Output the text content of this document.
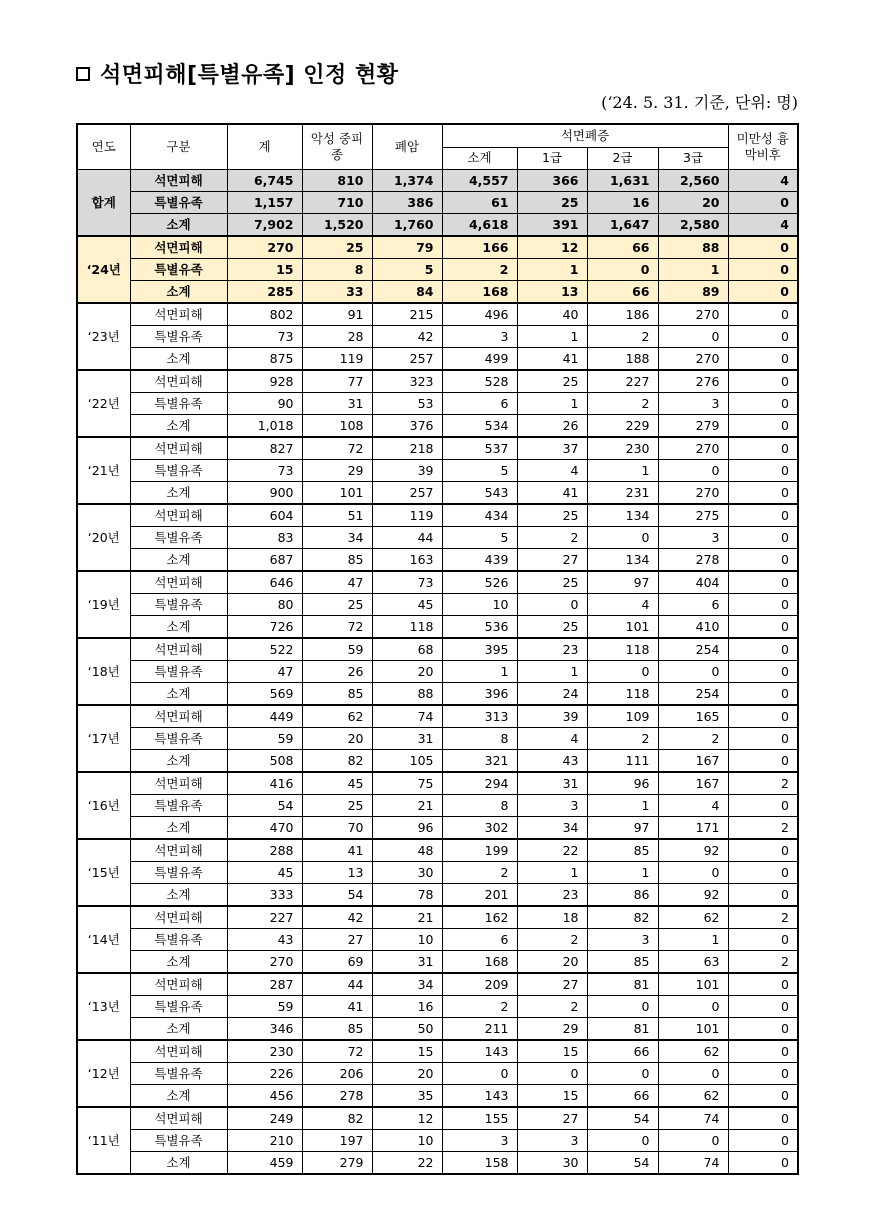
석면피해[특별유족] 인정 현황
(‘24. 5. 31. 기준, 단위: 명)
연도	구분	계	악성 중피종	폐암	석면폐증				미만성 흉막비후
					소계	1급	2급	3급	
합계	석면피해	6,745	810	1,374	4,557	366	1,631	2,560	4
	특별유족	1,157	710	386	61	25	16	20	0
	소계	7,902	1,520	1,760	4,618	391	1,647	2,580	4
‘24년	석면피해	270	25	79	166	12	66	88	0
	특별유족	15	8	5	2	1	0	1	0
	소계	285	33	84	168	13	66	89	0
‘23년	석면피해	802	91	215	496	40	186	270	0
	특별유족	73	28	42	3	1	2	0	0
	소계	875	119	257	499	41	188	270	0
‘22년	석면피해	928	77	323	528	25	227	276	0
	특별유족	90	31	53	6	1	2	3	0
	소계	1,018	108	376	534	26	229	279	0
‘21년	석면피해	827	72	218	537	37	230	270	0
	특별유족	73	29	39	5	4	1	0	0
	소계	900	101	257	543	41	231	270	0
‘20년	석면피해	604	51	119	434	25	134	275	0
	특별유족	83	34	44	5	2	0	3	0
	소계	687	85	163	439	27	134	278	0
‘19년	석면피해	646	47	73	526	25	97	404	0
	특별유족	80	25	45	10	0	4	6	0
	소계	726	72	118	536	25	101	410	0
‘18년	석면피해	522	59	68	395	23	118	254	0
	특별유족	47	26	20	1	1	0	0	0
	소계	569	85	88	396	24	118	254	0
‘17년	석면피해	449	62	74	313	39	109	165	0
	특별유족	59	20	31	8	4	2	2	0
	소계	508	82	105	321	43	111	167	0
‘16년	석면피해	416	45	75	294	31	96	167	2
	특별유족	54	25	21	8	3	1	4	0
	소계	470	70	96	302	34	97	171	2
‘15년	석면피해	288	41	48	199	22	85	92	0
	특별유족	45	13	30	2	1	1	0	0
	소계	333	54	78	201	23	86	92	0
‘14년	석면피해	227	42	21	162	18	82	62	2
	특별유족	43	27	10	6	2	3	1	0
	소계	270	69	31	168	20	85	63	2
‘13년	석면피해	287	44	34	209	27	81	101	0
	특별유족	59	41	16	2	2	0	0	0
	소계	346	85	50	211	29	81	101	0
‘12년	석면피해	230	72	15	143	15	66	62	0
	특별유족	226	206	20	0	0	0	0	0
	소계	456	278	35	143	15	66	62	0
‘11년	석면피해	249	82	12	155	27	54	74	0
	특별유족	210	197	10	3	3	0	0	0
	소계	459	279	22	158	30	54	74	0
